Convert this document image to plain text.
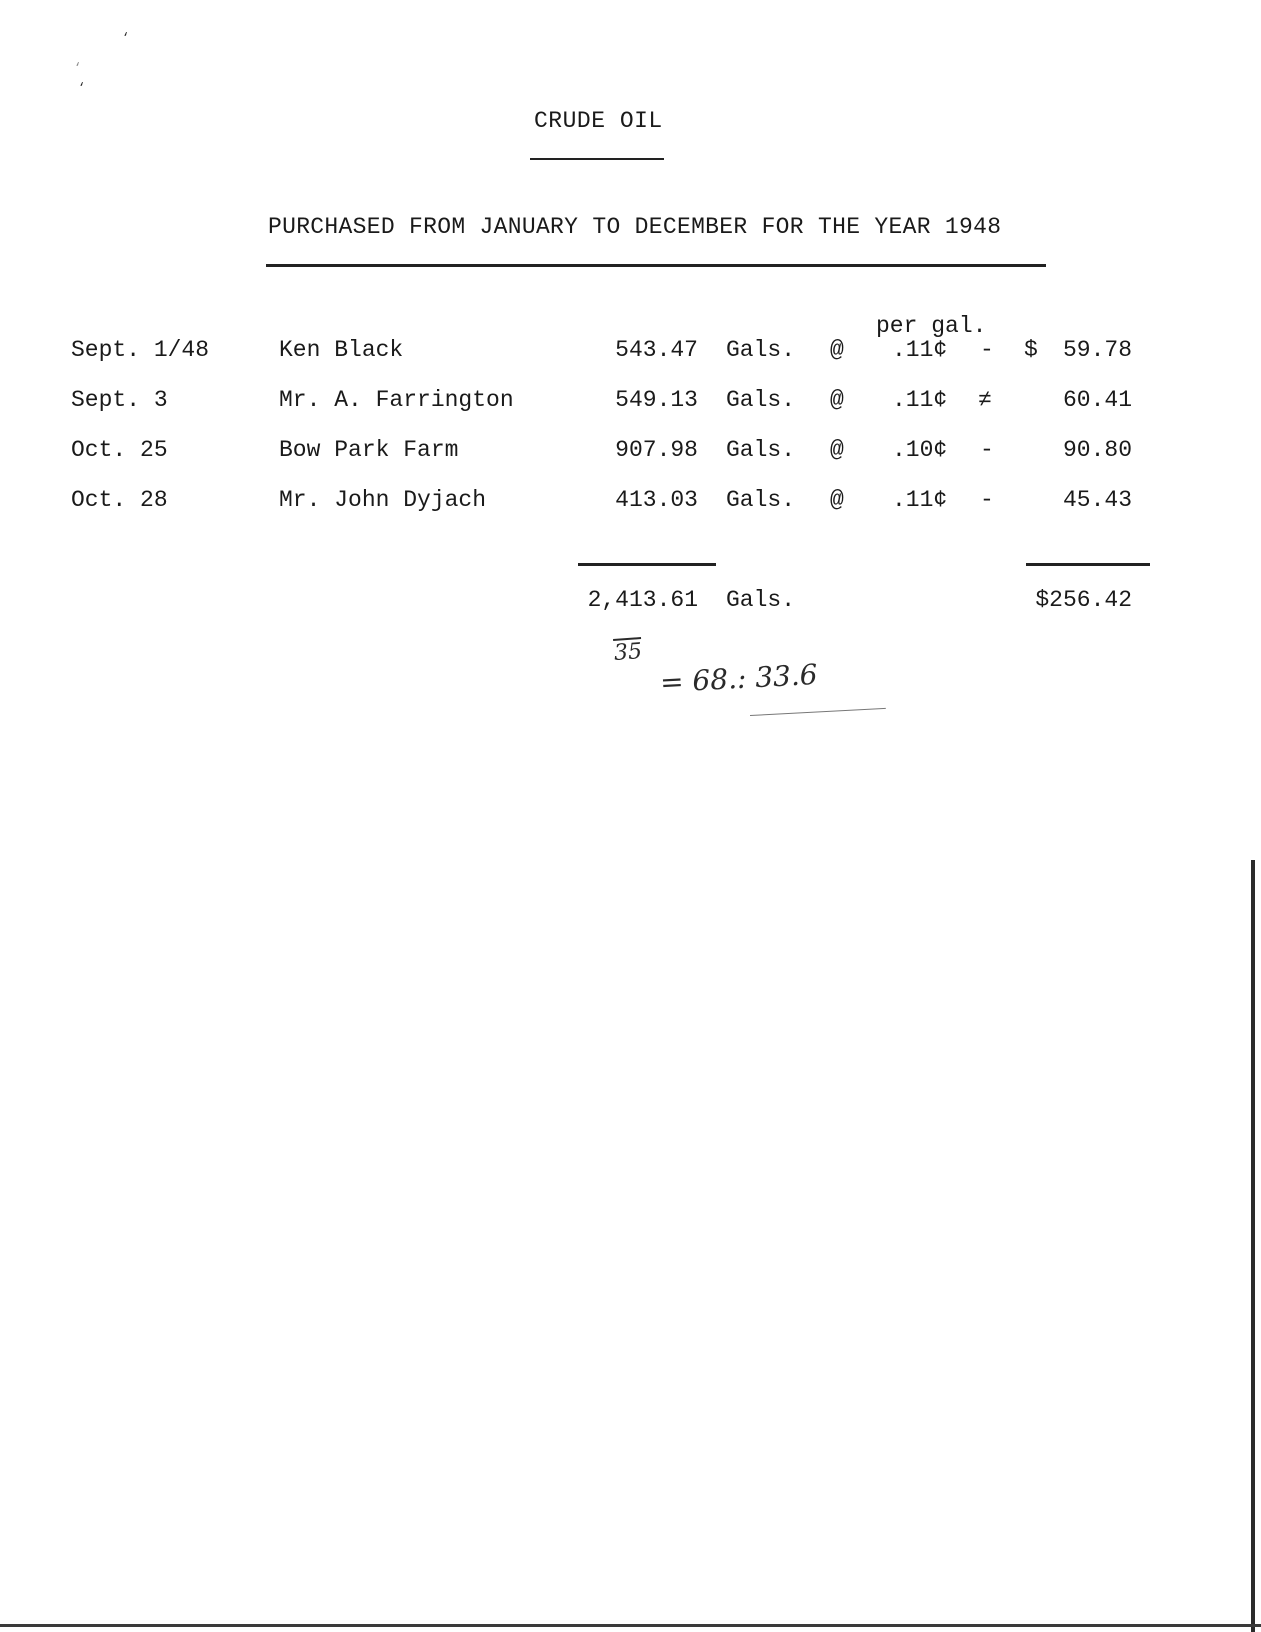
‘
‘
‘
CRUDE OIL
PURCHASED FROM JANUARY TO DECEMBER FOR THE YEAR 1948
per gal.
Sept. 1/48	Ken Black	543.47 Gals. @ .11¢ - $	59.78
Sept. 3	Mr. A. Farrington	549.13 Gals. @ .11¢ ≠	60.41
Oct. 25	Bow Park Farm	907.98 Gals. @ .10¢ -	90.80
Oct. 28	Mr. John Dyjach	413.03 Gals. @ .11¢ -	45.43
2,413.61 Gals.	$256.42
35
= 68.: 33.6
